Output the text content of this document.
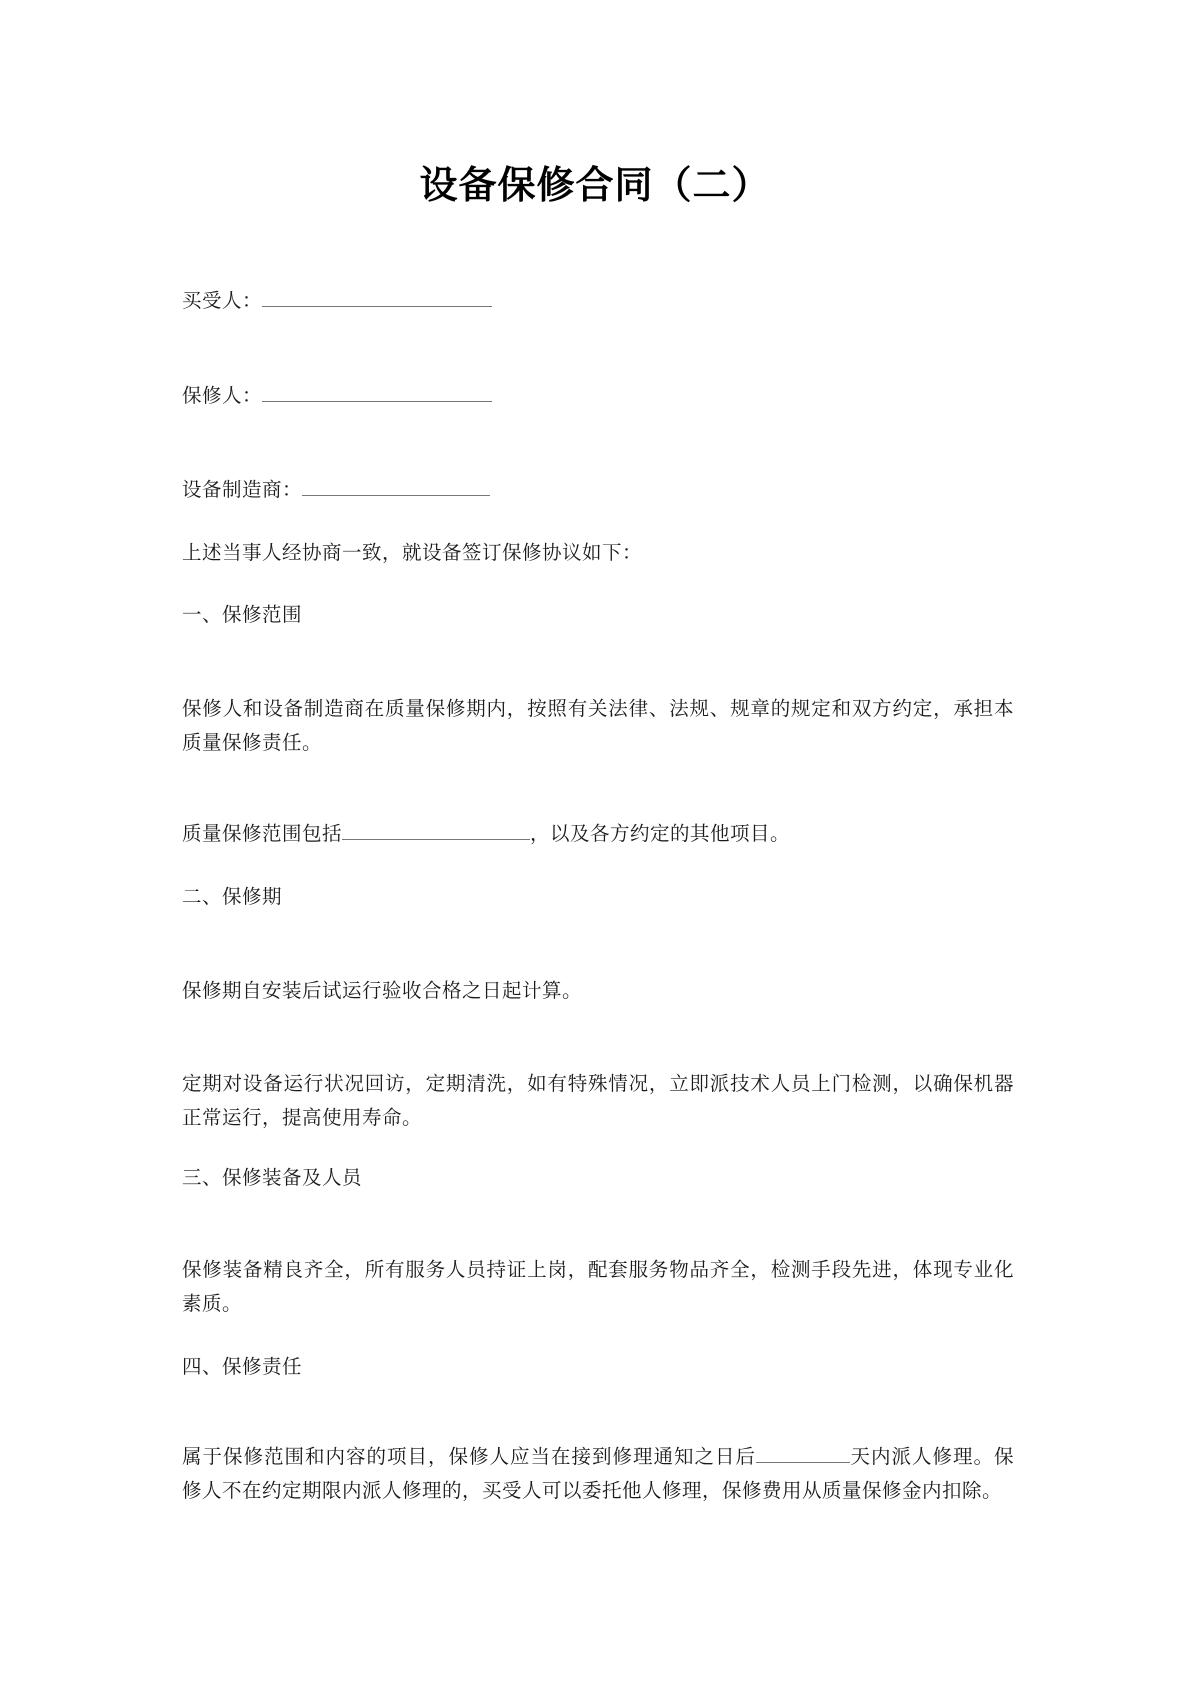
设备保修合同（二）
买受人：
保修人：
设备制造商：
上述当事人经协商一致，就设备签订保修协议如下：
一、保修范围
保修人和设备制造商在质量保修期内，按照有关法律、法规、规章的规定和双方约定，承担本质量保修责任。
质量保修范围包括	，以及各方约定的其他项目。
二、保修期
保修期自安装后试运行验收合格之日起计算。
定期对设备运行状况回访，定期清洗，如有特殊情况，立即派技术人员上门检测，以确保机器正常运行，提高使用寿命。
三、保修装备及人员
保修装备精良齐全，所有服务人员持证上岗，配套服务物品齐全，检测手段先进，体现专业化素质。
四、保修责任
属于保修范围和内容的项目，保修人应当在接到修理通知之日后	天内派人修理。保修人不在约定期限内派人修理的，买受人可以委托他人修理，保修费用从质量保修金内扣除。
